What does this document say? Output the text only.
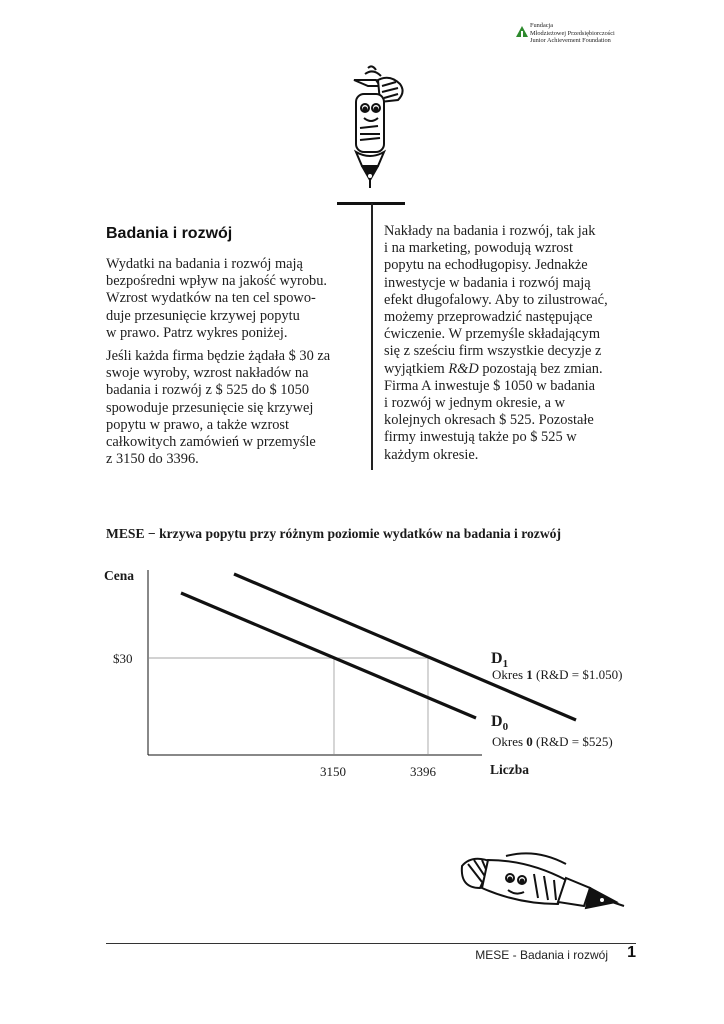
Fundacja
Młodzieżowej Przedsiębiorczości
Junior Achievement Foundation
Badania i rozwój
Wydatki na badania i rozwój mają
bezpośredni wpływ na jakość wyrobu.
Wzrost wydatków na ten cel spowo-
duje przesunięcie krzywej popytu
w prawo. Patrz wykres poniżej.
Jeśli każda firma będzie żądała $ 30 za
swoje wyroby, wzrost nakładów na
badania i rozwój z $ 525 do $ 1050
spowoduje przesunięcie się krzywej
popytu w prawo, a także wzrost
całkowitych zamówień w przemyśle
z 3150 do 3396.
Nakłady na badania i rozwój, tak jak
i na marketing, powodują wzrost
popytu na echodługopisy. Jednakże
inwestycje w badania i rozwój mają
efekt długofalowy. Aby to zilustrować,
możemy przeprowadzić następujące
ćwiczenie. W przemyśle składającym
się z sześciu firm wszystkie decyzje z
wyjątkiem R&D pozostają bez zmian.
Firma A inwestuje $ 1050 w badania
i rozwój w jednym okresie, a w
kolejnych okresach $ 525. Pozostałe
firmy inwestują także po $ 525 w
każdym okresie.
MESE − krzywa popytu przy różnym poziomie wydatków na badania i rozwój
Cena
Liczba
$30
3150	3396
$D_1$
Okres 1 (R&D = $1.050)
$D_0$
Okres 0 (R&D = $525)
MESE - Badania i rozwój	1
